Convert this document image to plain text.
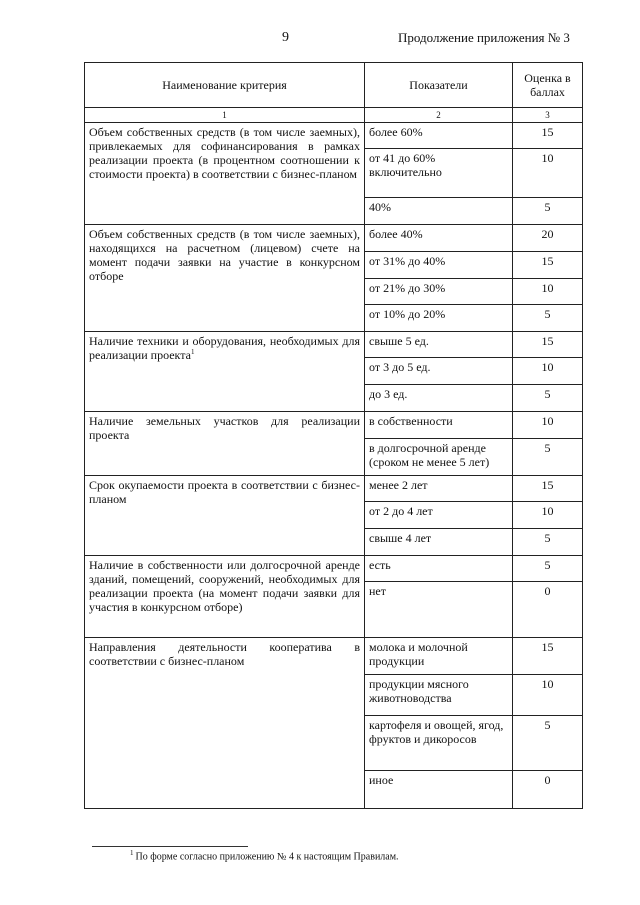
9	Продолжение приложения № 3
Наименование критерия	Показатели	Оценка в баллах
1	2	3
Объем собственных средств (в том числе заемных), привлекаемых для софинансирования в рамках реализации проекта (в процентном соотношении к стоимости проекта) в соответствии с бизнес-планом	более 60%	15
	от 41 до 60% включительно	10
	40%	5
Объем собственных средств (в том числе заемных), находящихся на расчетном (лицевом) счете на момент подачи заявки на участие в конкурсном отборе	более 40%	20
	от 31% до 40%	15
	от 21% до 30%	10
	от 10% до 20%	5
Наличие техники и оборудования, необходимых для реализации проекта$^1$	свыше 5 ед.	15
	от 3 до 5 ед.	10
	до 3 ед.	5
Наличие земельных участков для реализации проекта	в собственности	10
	в долгосрочной аренде (сроком не менее 5 лет)	5
Срок окупаемости проекта в соответствии с бизнес-планом	менее 2 лет	15
	от 2 до 4 лет	10
	свыше 4 лет	5
Наличие в собственности или долгосрочной аренде зданий, помещений, сооружений, необходимых для реализации проекта (на момент подачи заявки для участия в конкурсном отборе)	есть	5
	нет	0
Направления деятельности кооператива в соответствии с бизнес-планом	молока и молочной продукции	15
	продукции мясного животноводства	10
	картофеля и овощей, ягод, фруктов и дикоросов	5
	иное	0
$^1$ По форме согласно приложению № 4 к настоящим Правилам.
